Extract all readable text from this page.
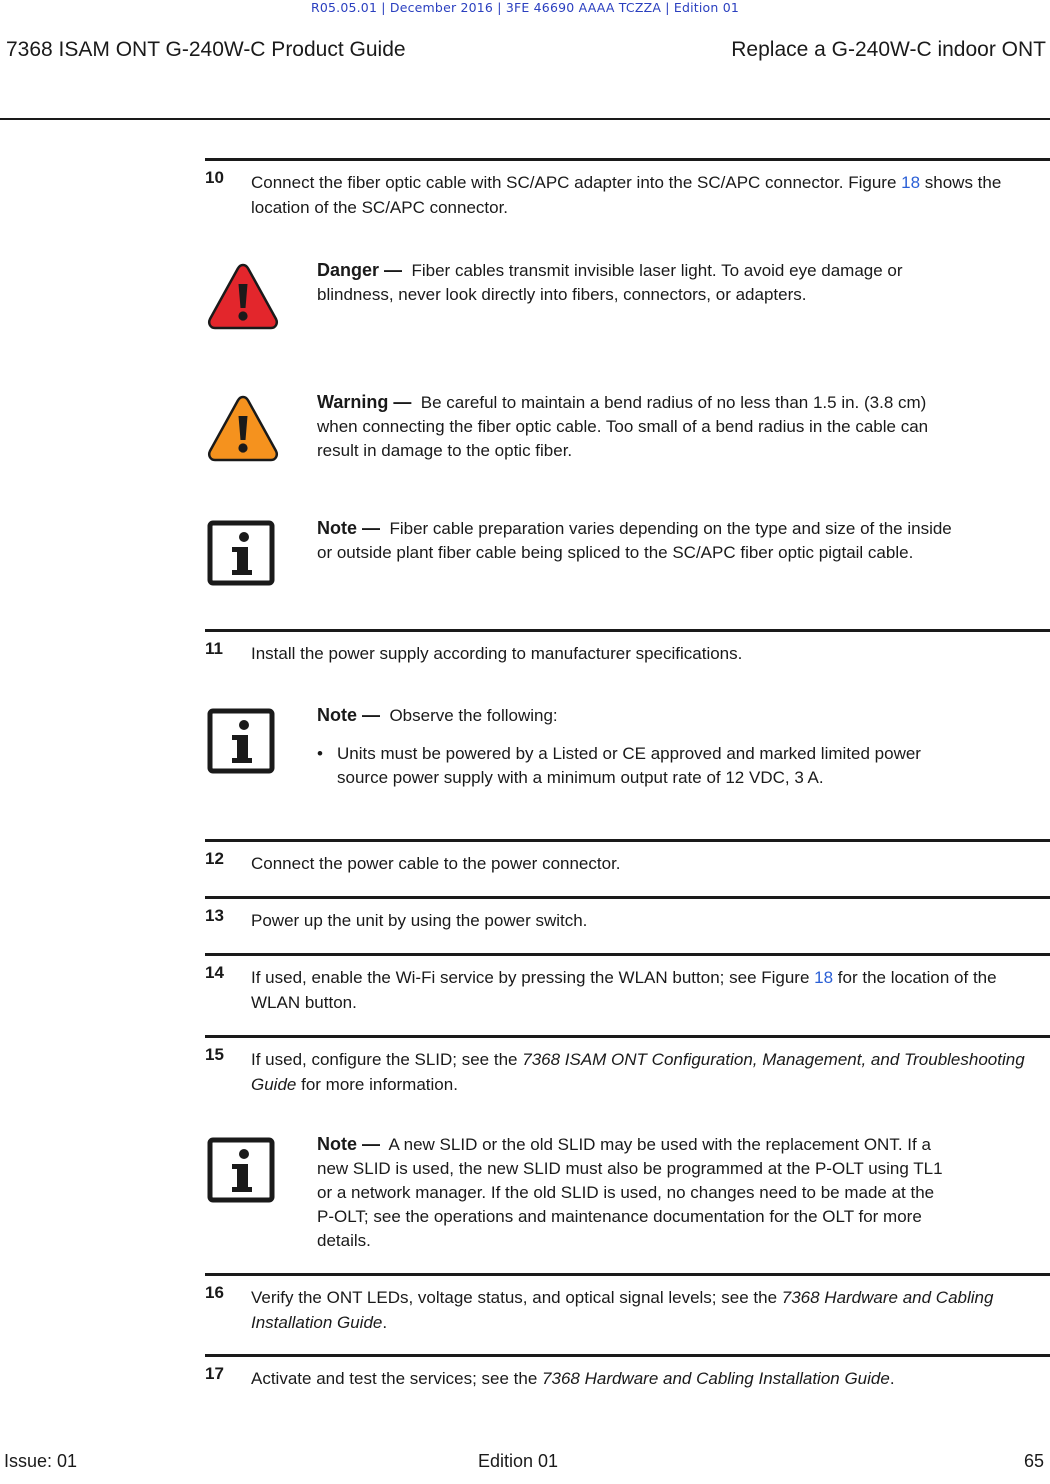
R05.05.01 | December 2016 | 3FE 46690 AAAA TCZZA | Edition 01
7368 ISAM ONT G-240W-C Product Guide	Replace a G-240W-C indoor ONT
10 Connect the fiber optic cable with SC/APC adapter into the SC/APC connector. Figure 18 shows the location of the SC/APC connector.
Danger — Fiber cables transmit invisible laser light. To avoid eye damage or blindness, never look directly into fibers, connectors, or adapters.
Warning — Be careful to maintain a bend radius of no less than 1.5 in. (3.8 cm) when connecting the fiber optic cable. Too small of a bend radius in the cable can result in damage to the optic fiber.
Note — Fiber cable preparation varies depending on the type and size of the inside or outside plant fiber cable being spliced to the SC/APC fiber optic pigtail cable.
11 Install the power supply according to manufacturer specifications.
Note — Observe the following:
• Units must be powered by a Listed or CE approved and marked limited power source power supply with a minimum output rate of 12 VDC, 3 A.
12 Connect the power cable to the power connector.
13 Power up the unit by using the power switch.
14 If used, enable the Wi-Fi service by pressing the WLAN button; see Figure 18 for the location of the WLAN button.
15 If used, configure the SLID; see the 7368 ISAM ONT Configuration, Management, and Troubleshooting Guide for more information.
Note — A new SLID or the old SLID may be used with the replacement ONT. If a new SLID is used, the new SLID must also be programmed at the P-OLT using TL1 or a network manager. If the old SLID is used, no changes need to be made at the P-OLT; see the operations and maintenance documentation for the OLT for more details.
16 Verify the ONT LEDs, voltage status, and optical signal levels; see the 7368 Hardware and Cabling Installation Guide.
17 Activate and test the services; see the 7368 Hardware and Cabling Installation Guide.
Issue: 01	Edition 01	65
